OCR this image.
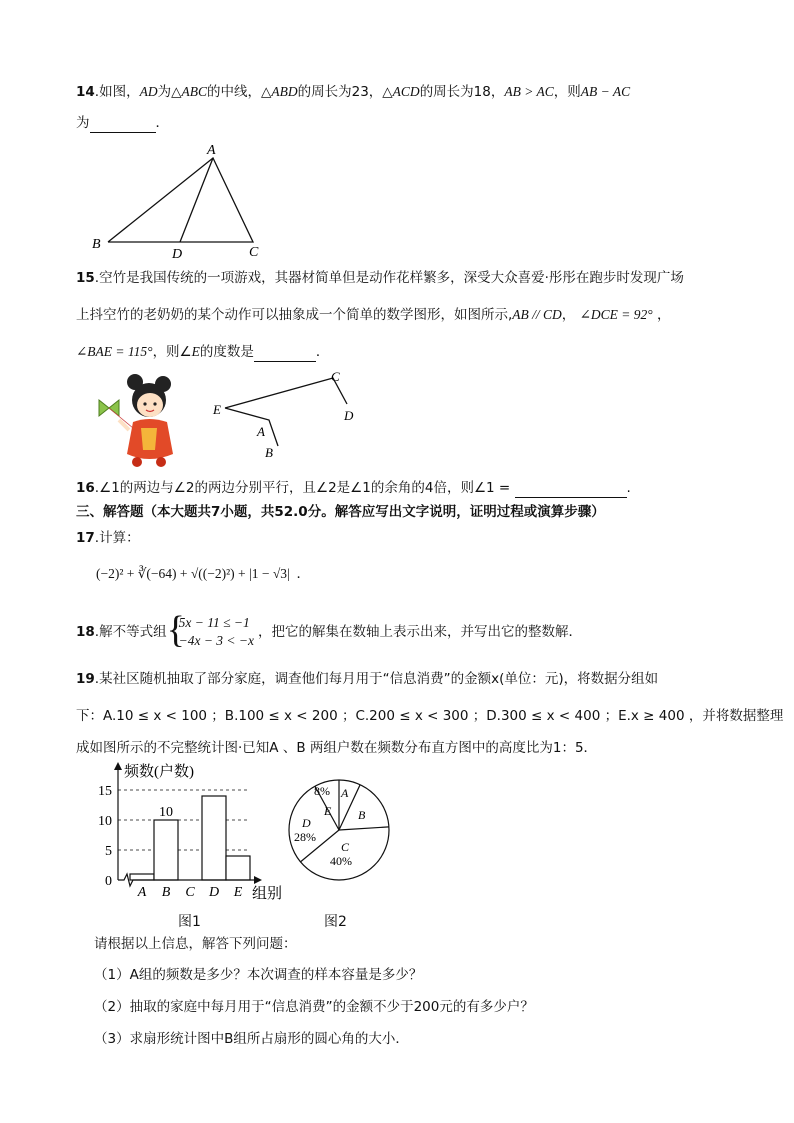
14.如图，AD为△ABC的中线，△ABD的周长为23，△ACD的周长为18，AB > AC，则AB − AC
为	．
A
B
D	C
15.空竹是我国传统的一项游戏，其器材简单但是动作花样繁多，深受大众喜爱·彤彤在跑步时发现广场
上抖空竹的老奶奶的某个动作可以抽象成一个简单的数学图形，如图所示,AB // CD， ∠DCE = 92° ，
∠BAE = 115°，则∠E的度数是	．
C
D
E
A
B
16.∠1的两边与∠2的两边分别平行，且∠2是∠1的余角的4倍，则∠1 =	.
三、解答题（本大题共7小题，共52.0分。解答应写出文字说明，证明过程或演算步骤）
17.计算：
(−2)² + ∛(−64) + √((−2)²) + |1 − √3| ．
18.解不等式组
{ 5x − 11 ≤ −1
−4x − 3 < −x
，把它的解集在数轴上表示出来，并写出它的整数解．
19.某社区随机抽取了部分家庭，调查他们每月用于“信息消费”的金额x(单位：元)，将数据分组如
下：A.10 ≤ x < 100 ；B.100 ≤ x < 200 ；C.200 ≤ x < 300 ；D.300 ≤ x < 400 ；E.x ≥ 400 ，并将数据整理
成如图所示的不完整统计图·已知A 、B 两组户数在频数分布直方图中的高度比为1：5．
0
5
10
15
A B C D E
10
频数(户数)
组别
图1
8% A
E B
D
28%
C
40%
图2
请根据以上信息，解答下列问题：
（1）A组的频数是多少？本次调查的样本容量是多少？
（2）抽取的家庭中每月用于“信息消费”的金额不少于200元的有多少户？
（3）求扇形统计图中B组所占扇形的圆心角的大小．
